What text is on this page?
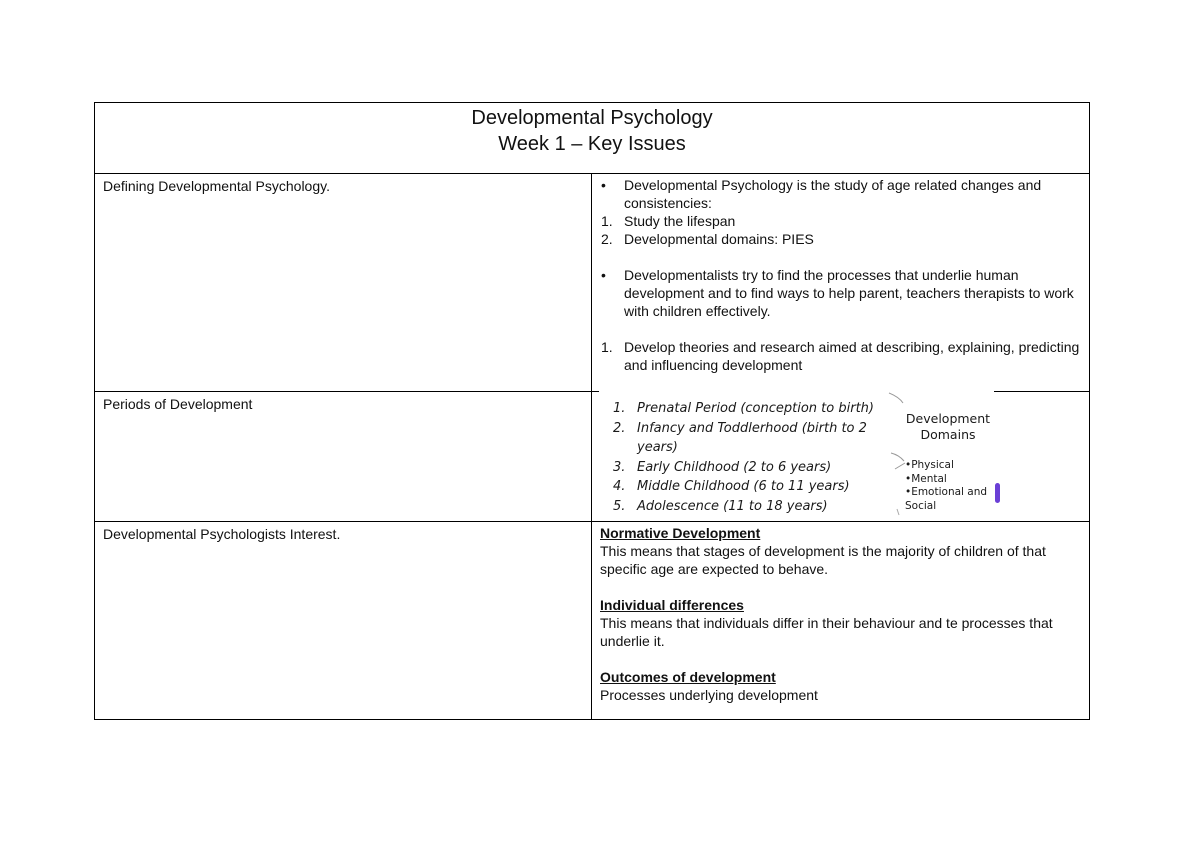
Developmental Psychology
Week 1 – Key Issues
Defining Developmental Psychology.	• Developmental Psychology is the study of age related changes and consistencies:
1. Study the lifespan
2. Developmental domains: PIES
• Developmentalists try to find the processes that underlie human development and to find ways to help parent, teachers therapists to work with children effectively.
1. Develop theories and research aimed at describing, explaining, predicting and influencing development
Periods of Development	1. Prenatal Period (conception to birth)
2. Infancy and Toddlerhood (birth to 2 years)
3. Early Childhood (2 to 6 years)
4. Middle Childhood (6 to 11 years)
5. Adolescence (11 to 18 years)
Development Domains
•Physical
•Mental
•Emotional and
Social
Developmental Psychologists Interest.	Normative Development
This means that stages of development is the majority of children of that specific age are expected to behave.
Individual differences
This means that individuals differ in their behaviour and te processes that underlie it.
Outcomes of development
Processes underlying development
